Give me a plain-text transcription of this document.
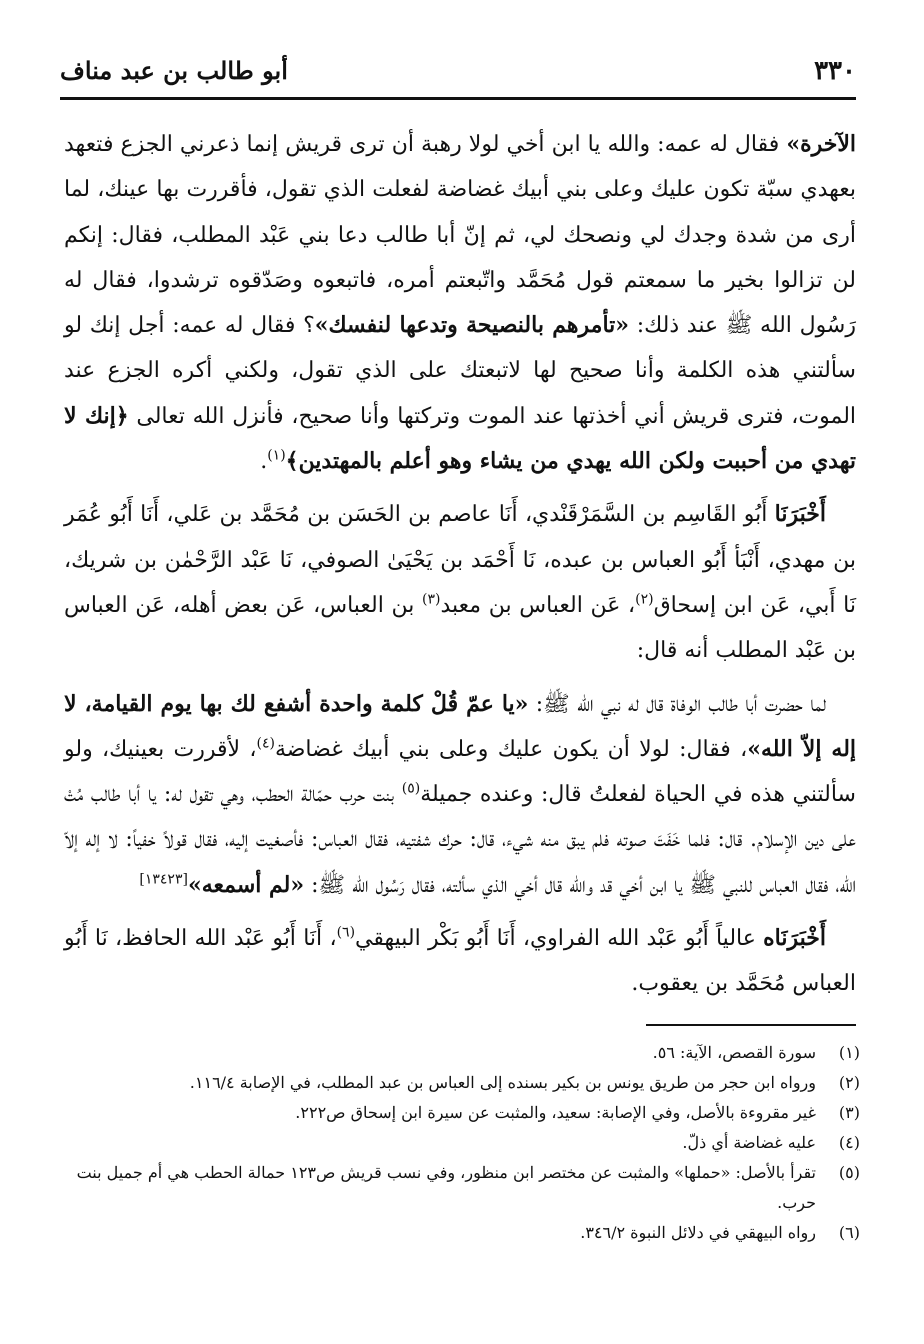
٣٣٠
أبو طالب بن عبد مناف

الآخرة» فقال له عمه: والله يا ابن أخي لولا رهبة أن ترى قريش إنما ذعرني الجزع فتعهد بعهدي سبّة تكون عليك وعلى بني أبيك غضاضة لفعلت الذي تقول، فأقررت بها عينك، لما أرى من شدة وجدك لي ونصحك لي، ثم إنّ أبا طالب دعا بني عَبْد المطلب، فقال: إنكم لن تزالوا بخير ما سمعتم قول مُحَمَّد واتّبعتم أمره، فاتبعوه وصَدّقوه ترشدوا، فقال له رَسُول الله ﷺ عند ذلك: «تأمرهم بالنصيحة وتدعها لنفسك»؟ فقال له عمه: أجل إنك لو سألتني هذه الكلمة وأنا صحيح لها لاتبعتك على الذي تقول، ولكني أكره الجزع عند الموت، فترى قريش أني أخذتها عند الموت وتركتها وأنا صحيح، فأنزل الله تعالى ﴿إنك لا تهدي من أحببت ولكن الله يهدي من يشاء وهو أعلم بالمهتدين﴾$^{(١)}$.

أَخْبَرَنَا أَبُو القَاسِم بن السَّمَرْقَنْدي، أَنَا عاصم بن الحَسَن بن مُحَمَّد بن عَلي، أَنَا أَبُو عُمَر بن مهدي، أَنْبَأ أَبُو العباس بن عبده، نَا أَحْمَد بن يَحْيَىٰ الصوفي، نَا عَبْد الرَّحْمٰن بن شريك، نَا أَبي، عَن ابن إسحاق$^{(٢)}$، عَن العباس بن معبد$^{(٣)}$ بن العباس، عَن بعض أهله، عَن العباس بن عَبْد المطلب أنه قال:

لما حضرت أبا طالب الوفاة قال له نبي الله ﷺ: «يا عمّ قُلْ كلمة واحدة أشفع لك بها يوم القيامة، لا إله إلاّ الله»، فقال: لولا أن يكون عليك وعلى بني أبيك غضاضة$^{(٤)}$، لأقررت بعينيك، ولو سألتني هذه في الحياة لفعلتُ قال: وعنده جميلة$^{(٥)}$ بنت حرب حمّالة الحطب، وهي تقول له: يا أبا طالب مُتْ على دين الإسلام. قال: فلما خَفَتَ صوته فلم يبق منه شيء، قال: حرك شفتيه، فقال العباس: فأصغيت إليه، فقال قولاً خفياً: لا إله إلاّ الله، فقال العباس للنبي ﷺ يا ابن أخي قد والله قال أخي الذي سألته، فقال رَسُول الله ﷺ: «لم أسمعه»[١٣٤٢٣]

أَخْبَرَنَاه عالياً أَبُو عَبْد الله الفراوي، أَنَا أَبُو بَكْر البيهقي$^{(٦)}$، أَنَا أَبُو عَبْد الله الحافظ، نَا أَبُو العباس مُحَمَّد بن يعقوب.

(١)
سورة القصص، الآية: ٥٦.
(٢)
ورواه ابن حجر من طريق يونس بن بكير بسنده إلى العباس بن عبد المطلب، في الإصابة ١١٦/٤.
(٣)
غير مقروءة بالأصل، وفي الإصابة: سعيد، والمثبت عن سيرة ابن إسحاق ص٢٢٢.
(٤)
عليه غضاضة أي ذلّ.
(٥)
تقرأ بالأصل: «حملها» والمثبت عن مختصر ابن منظور، وفي نسب قريش ص١٢٣ حمالة الحطب هي أم جميل بنت حرب.
(٦)
رواه البيهقي في دلائل النبوة ٣٤٦/٢.
